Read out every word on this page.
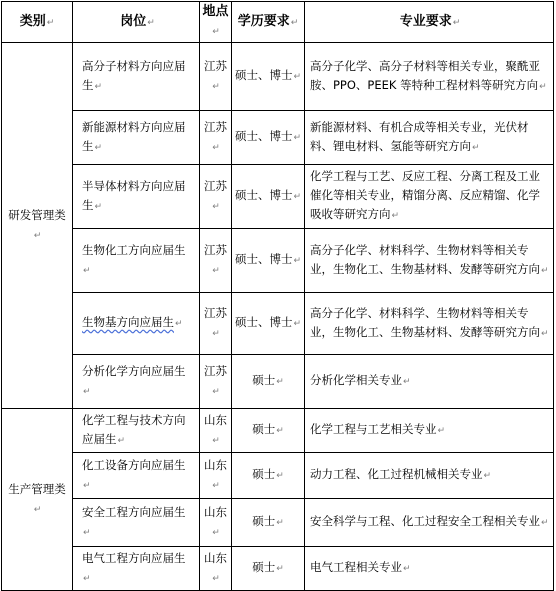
类别↵	岗位↵	地点↵	学历要求↵	专业要求↵
研发管理类↵	高分子材料方向应届生↵	江苏↵	硕士、博士↵	高分子化学、高分子材料等相关专业，聚酰亚胺、PPO、PEEK 等特种工程材料等研究方向↵
	新能源材料方向应届生↵	江苏↵	硕士、博士↵	新能源材料、有机合成等相关专业，光伏材料、锂电材料、氢能等研究方向↵
	半导体材料方向应届生↵	江苏↵	硕士、博士↵	化学工程与工艺、反应工程、分离工程及工业催化等相关专业，精馏分离、反应精馏、化学吸收等研究方向↵
	生物化工方向应届生↵	江苏↵	硕士、博士↵	高分子化学、材料科学、生物材料等相关专业，生物化工、生物基材料、发酵等研究方向↵
	生物基方向应届生↵	江苏↵	硕士、博士↵	高分子化学、材料科学、生物材料等相关专业，生物化工、生物基材料、发酵等研究方向↵
	分析化学方向应届生↵	江苏↵	硕士↵	分析化学相关专业↵
生产管理类↵	化学工程与技术方向应届生↵	山东↵	硕士↵	化学工程与工艺相关专业↵
	化工设备方向应届生↵	山东↵	硕士↵	动力工程、化工过程机械相关专业↵
	安全工程方向应届生↵	山东↵	硕士↵	安全科学与工程、化工过程安全工程相关专业↵
	电气工程方向应届生↵	山东↵	硕士↵	电气工程相关专业↵
